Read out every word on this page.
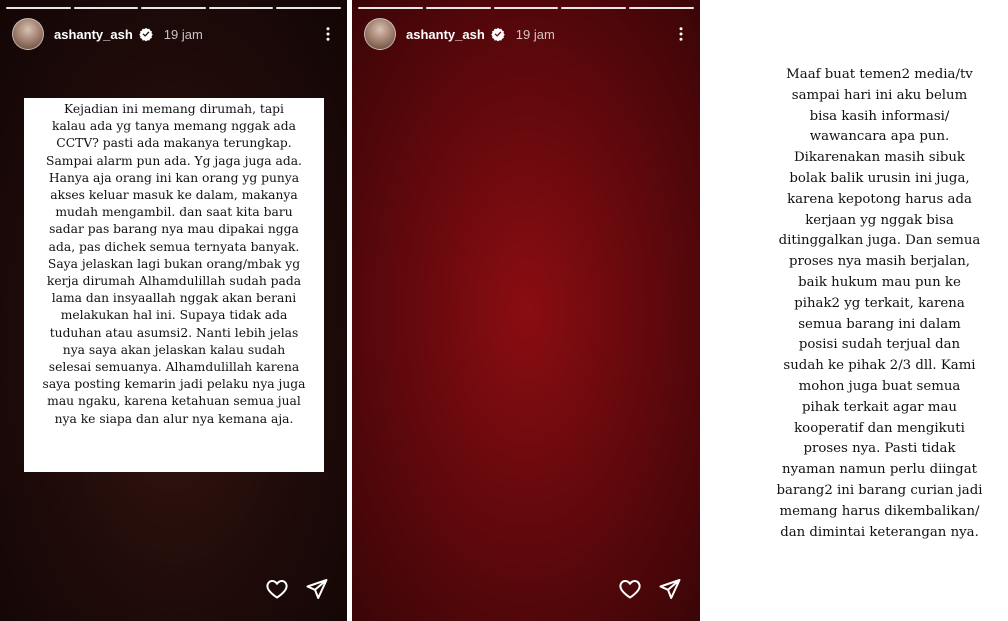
ashanty_ash 19 jam
Kejadian ini memang dirumah, tapi
kalau ada yg tanya memang nggak ada
CCTV? pasti ada makanya terungkap.
Sampai alarm pun ada. Yg jaga juga ada.
Hanya aja orang ini kan orang yg punya
akses keluar masuk ke dalam, makanya
mudah mengambil. dan saat kita baru
sadar pas barang nya mau dipakai ngga
ada, pas dichek semua ternyata banyak.
Saya jelaskan lagi bukan orang/mbak yg
kerja dirumah Alhamdulillah sudah pada
lama dan insyaallah nggak akan berani
melakukan hal ini. Supaya tidak ada
tuduhan atau asumsi2. Nanti lebih jelas
nya saya akan jelaskan kalau sudah
selesai semuanya. Alhamdulillah karena
saya posting kemarin jadi pelaku nya juga
mau ngaku, karena ketahuan semua jual
nya ke siapa dan alur nya kemana aja.
ashanty_ash 19 jam
Maaf buat temen2 media/tv
sampai hari ini aku belum
bisa kasih informasi/
wawancara apa pun.
Dikarenakan masih sibuk
bolak balik urusin ini juga,
karena kepotong harus ada
kerjaan yg nggak bisa
ditinggalkan juga. Dan semua
proses nya masih berjalan,
baik hukum mau pun ke
pihak2 yg terkait, karena
semua barang ini dalam
posisi sudah terjual dan
sudah ke pihak 2/3 dll. Kami
mohon juga buat semua
pihak terkait agar mau
kooperatif dan mengikuti
proses nya. Pasti tidak
nyaman namun perlu diingat
barang2 ini barang curian jadi
memang harus dikembalikan/
dan dimintai keterangan nya.
